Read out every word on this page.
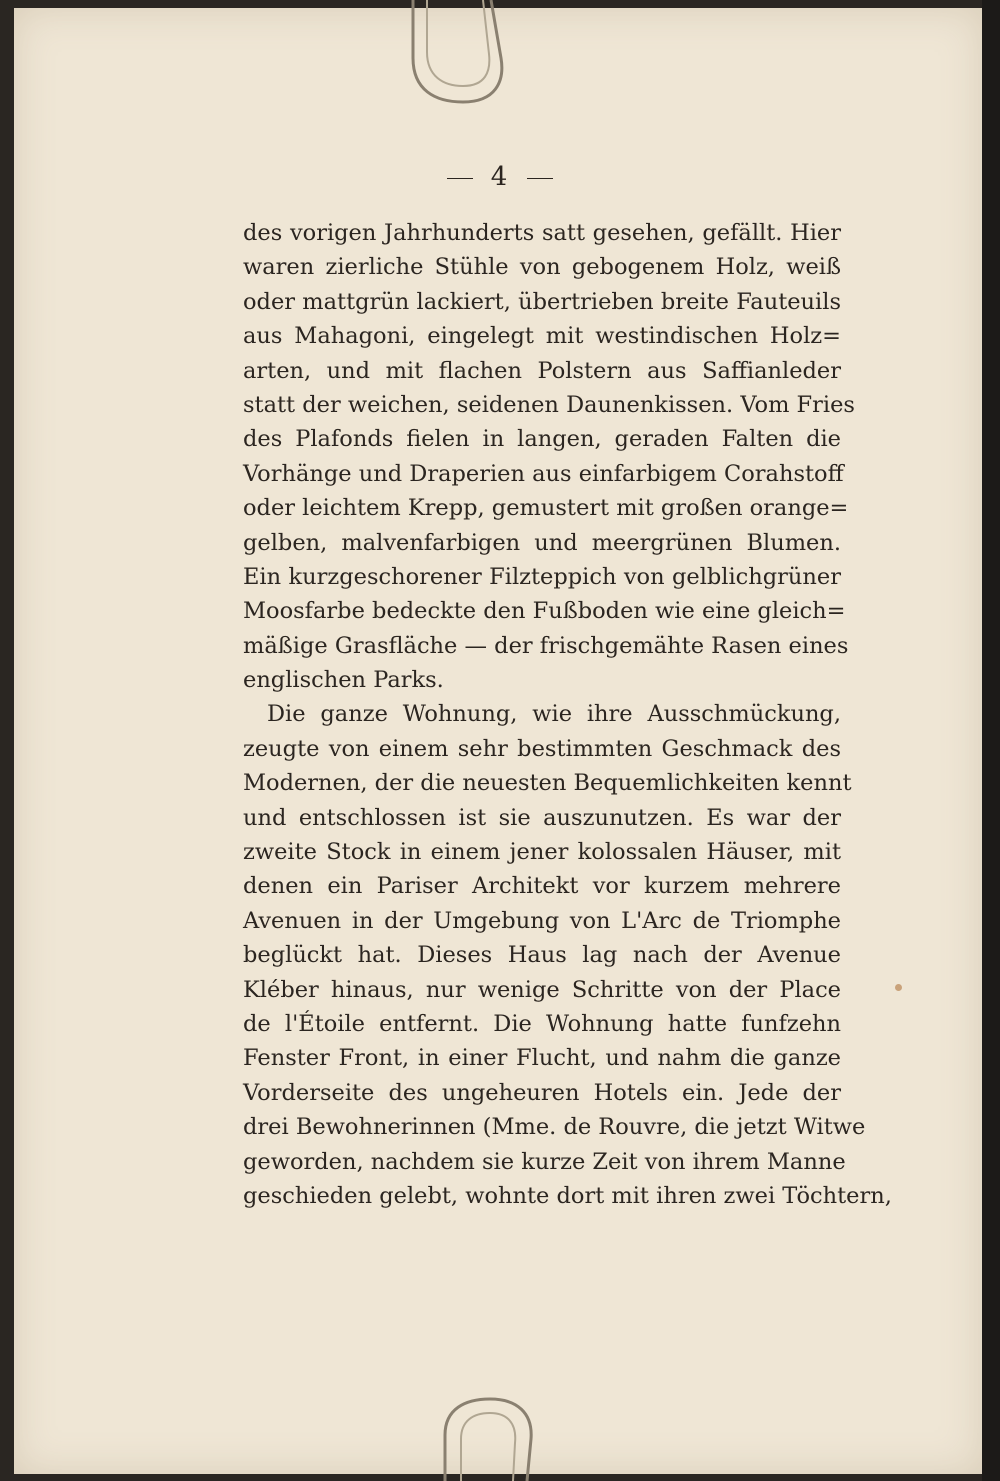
4
des vorigen Jahrhunderts satt gesehen, gefällt. Hier
waren zierliche Stühle von gebogenem Holz, weiß
oder mattgrün lackiert, übertrieben breite Fauteuils
aus Mahagoni, eingelegt mit westindischen Holz=
arten, und mit flachen Polstern aus Saffianleder
statt der weichen, seidenen Daunenkissen. Vom Fries
des Plafonds fielen in langen, geraden Falten die
Vorhänge und Draperien aus einfarbigem Corahstoff
oder leichtem Krepp, gemustert mit großen orange=
gelben, malvenfarbigen und meergrünen Blumen.
Ein kurzgeschorener Filzteppich von gelblichgrüner
Moosfarbe bedeckte den Fußboden wie eine gleich=
mäßige Grasfläche — der frischgemähte Rasen eines
englischen Parks.
Die ganze Wohnung, wie ihre Ausschmückung,
zeugte von einem sehr bestimmten Geschmack des
Modernen, der die neuesten Bequemlichkeiten kennt
und entschlossen ist sie auszunutzen. Es war der
zweite Stock in einem jener kolossalen Häuser, mit
denen ein Pariser Architekt vor kurzem mehrere
Avenuen in der Umgebung von L'Arc de Triomphe
beglückt hat. Dieses Haus lag nach der Avenue
Kléber hinaus, nur wenige Schritte von der Place
de l'Étoile entfernt. Die Wohnung hatte funfzehn
Fenster Front, in einer Flucht, und nahm die ganze
Vorderseite des ungeheuren Hotels ein. Jede der
drei Bewohnerinnen (Mme. de Rouvre, die jetzt Witwe
geworden, nachdem sie kurze Zeit von ihrem Manne
geschieden gelebt, wohnte dort mit ihren zwei Töchtern,
